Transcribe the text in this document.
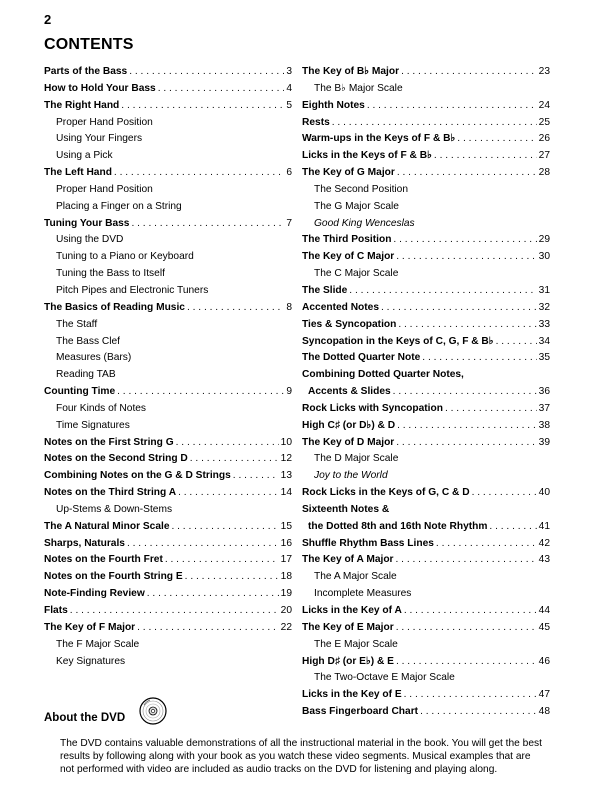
2
CONTENTS
Parts of the Bass . . .	3
How to Hold Your Bass . . .	4
The Right Hand . . .	5
Proper Hand Position
Using Your Fingers
Using a Pick
The Left Hand . . .	6
Proper Hand Position
Placing a Finger on a String
Tuning Your Bass . . .	7
Using the DVD
Tuning to a Piano or Keyboard
Tuning the Bass to Itself
Pitch Pipes and Electronic Tuners
The Basics of Reading Music . . .	8
The Staff
The Bass Clef
Measures (Bars)
Reading TAB
Counting Time . . .	9
Four Kinds of Notes
Time Signatures
Notes on the First String G . . .	10
Notes on the Second String D . . .	12
Combining Notes on the G & D Strings . . .	13
Notes on the Third String A . . .	14
Up-Stems & Down-Stems
The A Natural Minor Scale . . .	15
Sharps, Naturals . . .	16
Notes on the Fourth Fret . . .	17
Notes on the Fourth String E . . .	18
Note-Finding Review . . .	19
Flats . . .	20
The Key of F Major . . .	22
The F Major Scale
Key Signatures
The Key of B♭ Major . . .	23
The B♭ Major Scale
Eighth Notes . . .	24
Rests . . .	25
Warm-ups in the Keys of F & B♭ . . .	26
Licks in the Keys of F & B♭ . . .	27
The Key of G Major . . .	28
The Second Position
The G Major Scale
Good King Wenceslas
The Third Position . . .	29
The Key of C Major . . .	30
The C Major Scale
The Slide . . .	31
Accented Notes . . .	32
Ties & Syncopation . . .	33
Syncopation in the Keys of C, G, F & B♭ . . .	34
The Dotted Quarter Note . . .	35
Combining Dotted Quarter Notes,
Accents & Slides . . .	36
Rock Licks with Syncopation . . .	37
High C♯ (or D♭) & D . . .	38
The Key of D Major . . .	39
The D Major Scale
Joy to the World
Rock Licks in the Keys of G, C & D . . .	40
Sixteenth Notes &
the Dotted 8th and 16th Note Rhythm . . .	41
Shuffle Rhythm Bass Lines . . .	42
The Key of A Major . . .	43
The A Major Scale
Incomplete Measures
Licks in the Key of A . . .	44
The Key of E Major . . .	45
The E Major Scale
High D♯ (or E♭) & E . . .	46
The Two-Octave E Major Scale
Licks in the Key of E . . .	47
Bass Fingerboard Chart . . .	48
About the DVD
The DVD contains valuable demonstrations of all the instructional material in the book. You will get the best results by following along with your book as you watch these video segments. Musical examples that are not performed with video are included as audio tracks on the DVD for listening and playing along.
